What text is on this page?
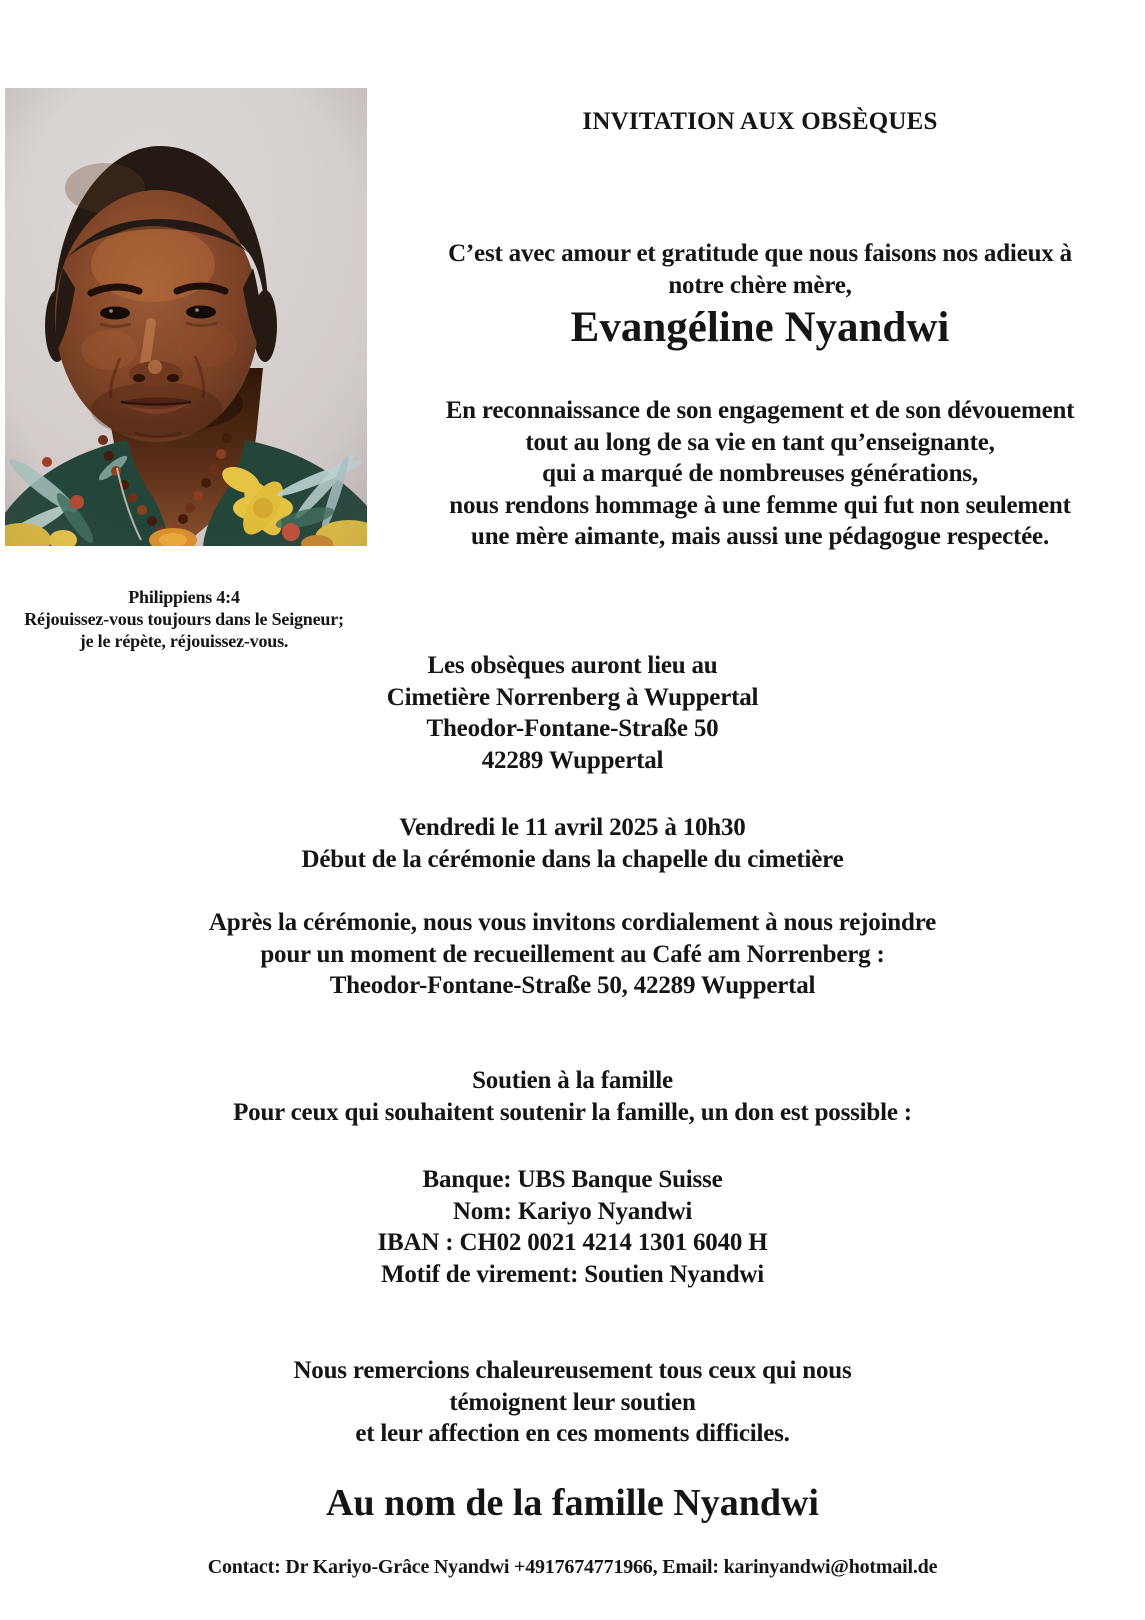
INVITATION AUX OBSÈQUES
C’est avec amour et gratitude que nous faisons nos adieux à
notre chère mère,
Evangéline Nyandwi
En reconnaissance de son engagement et de son dévouement
tout au long de sa vie en tant qu’enseignante,
qui a marqué de nombreuses générations,
nous rendons hommage à une femme qui fut non seulement
une mère aimante, mais aussi une pédagogue respectée.
Philippiens 4:4
Réjouissez-vous toujours dans le Seigneur;
je le répète, réjouissez-vous.
Les obsèques auront lieu au
Cimetière Norrenberg à Wuppertal
Theodor-Fontane-Straße 50
42289 Wuppertal
Vendredi le 11 avril 2025 à 10h30
Début de la cérémonie dans la chapelle du cimetière
Après la cérémonie, nous vous invitons cordialement à nous rejoindre
pour un moment de recueillement au Café am Norrenberg :
Theodor-Fontane-Straße 50, 42289 Wuppertal
Soutien à la famille
Pour ceux qui souhaitent soutenir la famille, un don est possible :
Banque: UBS Banque Suisse
Nom: Kariyo Nyandwi
IBAN : CH02 0021 4214 1301 6040 H
Motif de virement: Soutien Nyandwi
Nous remercions chaleureusement tous ceux qui nous
témoignent leur soutien
et leur affection en ces moments difficiles.
Au nom de la famille Nyandwi
Contact: Dr Kariyo-Grâce Nyandwi +4917674771966, Email: karinyandwi@hotmail.de
